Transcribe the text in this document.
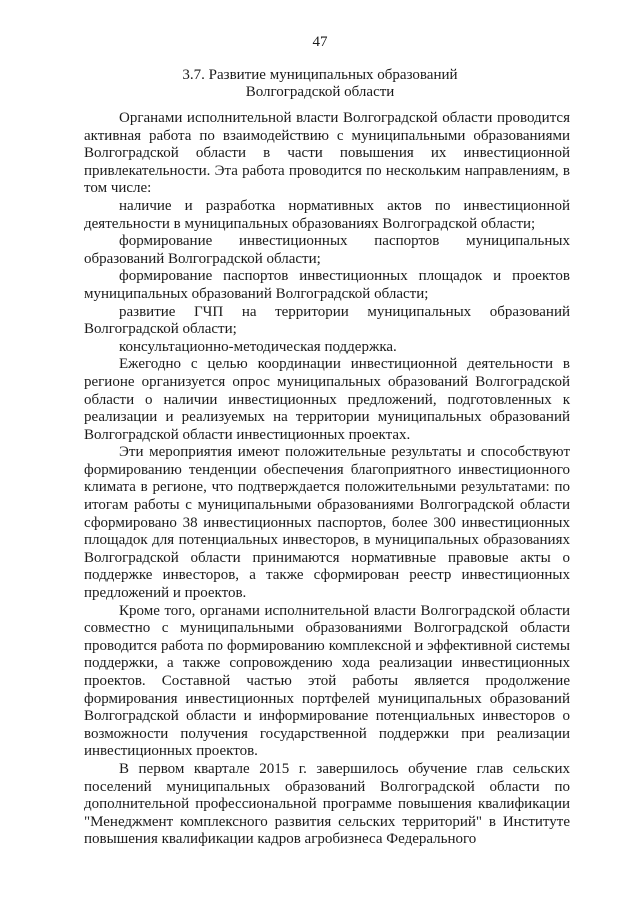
47
3.7. Развитие муниципальных образований
Волгоградской области

Органами исполнительной власти Волгоградской области проводится активная работа по взаимодействию с муниципальными образованиями Волгоградской области в части повышения их инвестиционной привлекательности. Эта работа проводится по нескольким направлениям, в том числе:

наличие и разработка нормативных актов по инвестиционной деятельности в муниципальных образованиях Волгоградской области;

формирование инвестиционных паспортов муниципальных образований Волгоградской области;

формирование паспортов инвестиционных площадок и проектов муниципальных образований Волгоградской области;

развитие ГЧП на территории муниципальных образований Волгоградской области;

консультационно-методическая поддержка.

Ежегодно с целью координации инвестиционной деятельности в регионе организуется опрос муниципальных образований Волгоградской области о наличии инвестиционных предложений, подготовленных к реализации и реализуемых на территории муниципальных образований Волгоградской области инвестиционных проектах.

Эти мероприятия имеют положительные результаты и способствуют формированию тенденции обеспечения благоприятного инвестиционного климата в регионе, что подтверждается положительными результатами: по итогам работы с муниципальными образованиями Волгоградской области сформировано 38 инвестиционных паспортов, более 300 инвестиционных площадок для потенциальных инвесторов, в муниципальных образованиях Волгоградской области принимаются нормативные правовые акты о поддержке инвесторов, а также сформирован реестр инвестиционных предложений и проектов.

Кроме того, органами исполнительной власти Волгоградской области совместно с муниципальными образованиями Волгоградской области проводится работа по формированию комплексной и эффективной системы поддержки, а также сопровождению хода реализации инвестиционных проектов. Составной частью этой работы является продолжение формирования инвестиционных портфелей муниципальных образований Волгоградской области и информирование потенциальных инвесторов о возможности получения государственной поддержки при реализации инвестиционных проектов.

В первом квартале 2015 г. завершилось обучение глав сельских поселений муниципальных образований Волгоградской области по дополнительной профессиональной программе повышения квалификации "Менеджмент комплексного развития сельских территорий" в Институте повышения квалификации кадров агробизнеса Федерального
